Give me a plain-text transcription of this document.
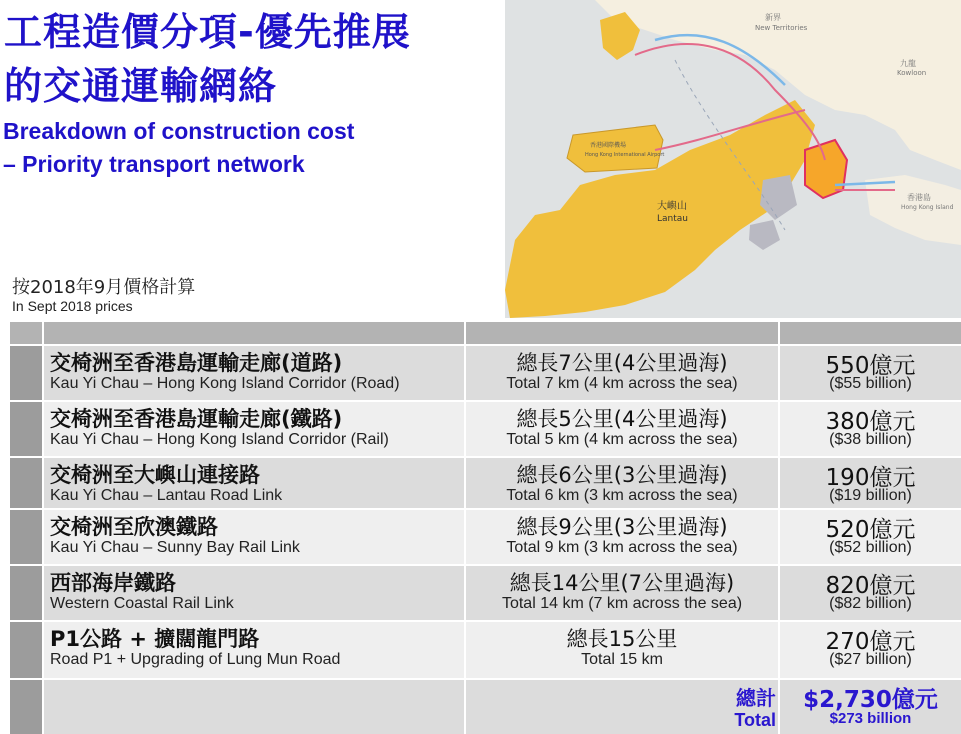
工程造價分項-優先推展
的交通運輸網絡
Breakdown of construction cost
– Priority transport network
按2018年9月價格計算
In Sept 2018 prices
新界
New Territories
九龍
Kowloon
香港島
Hong Kong Island
香港國際機場
Hong Kong International Airport
大嶼山
Lantau
交椅洲至香港島運輸走廊(道路)
Kau Yi Chau – Hong Kong Island Corridor (Road)
總長7公里(4公里過海)
Total 7 km (4 km across the sea)
550億元
($55 billion)
交椅洲至香港島運輸走廊(鐵路)
Kau Yi Chau – Hong Kong Island Corridor (Rail)
總長5公里(4公里過海)
Total 5 km (4 km across the sea)
380億元
($38 billion)
交椅洲至大嶼山連接路
Kau Yi Chau – Lantau Road Link
總長6公里(3公里過海)
Total 6 km (3 km across the sea)
190億元
($19 billion)
交椅洲至欣澳鐵路
Kau Yi Chau – Sunny Bay Rail Link
總長9公里(3公里過海)
Total 9 km (3 km across the sea)
520億元
($52 billion)
西部海岸鐵路
Western Coastal Rail Link
總長14公里(7公里過海)
Total 14 km (7 km across the sea)
820億元
($82 billion)
P1公路 + 擴闊龍門路
Road P1 + Upgrading of Lung Mun Road
總長15公里
Total 15 km
270億元
($27 billion)
總計
Total
$2,730億元
$273 billion
